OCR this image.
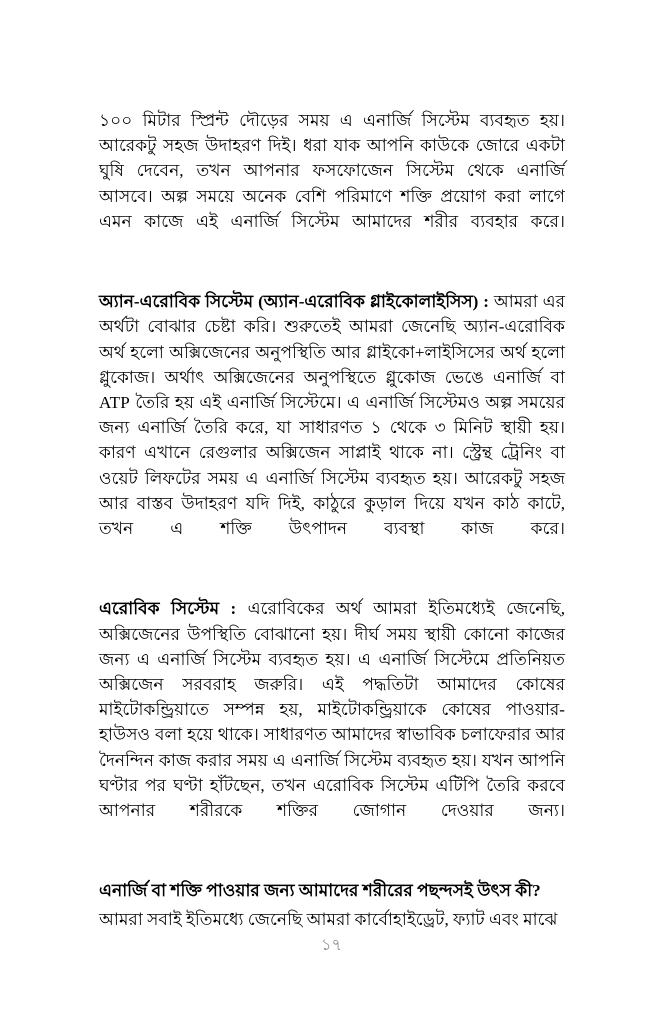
১০০ মিটার স্প্রিন্ট দৌড়ের সময় এ এনার্জি সিস্টেম ব্যবহৃত হয়। আরেকটু সহজ উদাহরণ দিই। ধরা যাক আপনি কাউকে জোরে একটা ঘুষি দেবেন, তখন আপনার ফসফোজেন সিস্টেম থেকে এনার্জি আসবে। অল্প সময়ে অনেক বেশি পরিমাণে শক্তি প্রয়োগ করা লাগে এমন কাজে এই এনার্জি সিস্টেম আমাদের শরীর ব্যবহার করে।

অ্যান-এরোবিক সিস্টেম (অ্যান-এরোবিক গ্লাইকোলাইসিস) : আমরা এর অর্থটা বোঝার চেষ্টা করি। শুরুতেই আমরা জেনেছি অ্যান-এরোবিক অর্থ হলো অক্সিজেনের অনুপস্থিতি আর গ্লাইকো+লাইসিসের অর্থ হলো গ্লুকোজ। অর্থাৎ অক্সিজেনের অনুপস্থিতে গ্লুকোজ ভেঙে এনার্জি বা ATP তৈরি হয় এই এনার্জি সিস্টেমে। এ এনার্জি সিস্টেমও অল্প সময়ের জন্য এনার্জি তৈরি করে, যা সাধারণত ১ থেকে ৩ মিনিট স্থায়ী হয়। কারণ এখানে রেগুলার অক্সিজেন সাপ্লাই থাকে না। স্ট্রেন্থ ট্রেনিং বা ওয়েট লিফটের সময় এ এনার্জি সিস্টেম ব্যবহৃত হয়। আরেকটু সহজ আর বাস্তব উদাহরণ যদি দিই, কাঠুরে কুড়াল দিয়ে যখন কাঠ কাটে, তখন এ শক্তি উৎপাদন ব্যবস্থা কাজ করে।

এরোবিক সিস্টেম : এরোবিকের অর্থ আমরা ইতিমধ্যেই জেনেছি, অক্সিজেনের উপস্থিতি বোঝানো হয়। দীর্ঘ সময় স্থায়ী কোনো কাজের জন্য এ এনার্জি সিস্টেম ব্যবহৃত হয়। এ এনার্জি সিস্টেমে প্রতিনিয়ত অক্সিজেন সরবরাহ জরুরি। এই পদ্ধতিটা আমাদের কোষের মাইটোকন্ড্রিয়াতে সম্পন্ন হয়, মাইটোকন্ড্রিয়াকে কোষের পাওয়ার-হাউসও বলা হয়ে থাকে। সাধারণত আমাদের স্বাভাবিক চলাফেরার আর দৈনন্দিন কাজ করার সময় এ এনার্জি সিস্টেম ব্যবহৃত হয়। যখন আপনি ঘণ্টার পর ঘণ্টা হাঁটছেন, তখন এরোবিক সিস্টেম এটিপি তৈরি করবে আপনার শরীরকে শক্তির জোগান দেওয়ার জন্য।

এনার্জি বা শক্তি পাওয়ার জন্য আমাদের শরীরের পছন্দসই উৎস কী?

আমরা সবাই ইতিমধ্যে জেনেছি আমরা কার্বোহাইড্রেট, ফ্যাট এবং মাঝে

১৭
